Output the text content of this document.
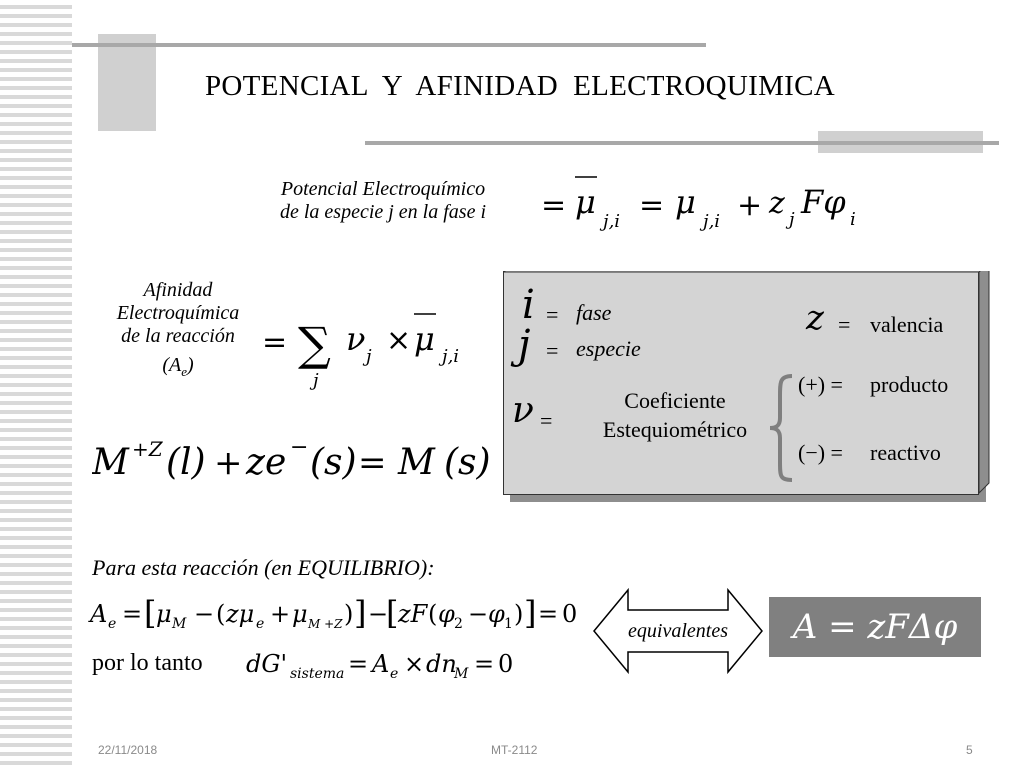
POTENCIAL  Y  AFINIDAD  ELECTROQUIMICA
Potencial Electroquímico
de la especie j en la fase i	= μ
j,i = μ
j,i + z j Fφ i
Afinidad
Electroquímica
de la reacción
$(A_e)$
= ∑
j
ν j × μ j,i
M +Z (l) + ze − (s) = M (s)
i = fase
j = especie
z = valencia
ν =
Coeficiente
Estequiométrico
(+) = producto
(−) = reactivo
Para esta reacción (en EQUILIBRIO):
A e = [ μ M − ( zμ e + μ M +Z ) ] −
[ zF ( φ 2 − φ 1 ) ] = 0
por lo tanto dG' sistema = A e × dn
M = 0
equivalentes	A = zFΔφ
22/11/2018	MT-2112	5
